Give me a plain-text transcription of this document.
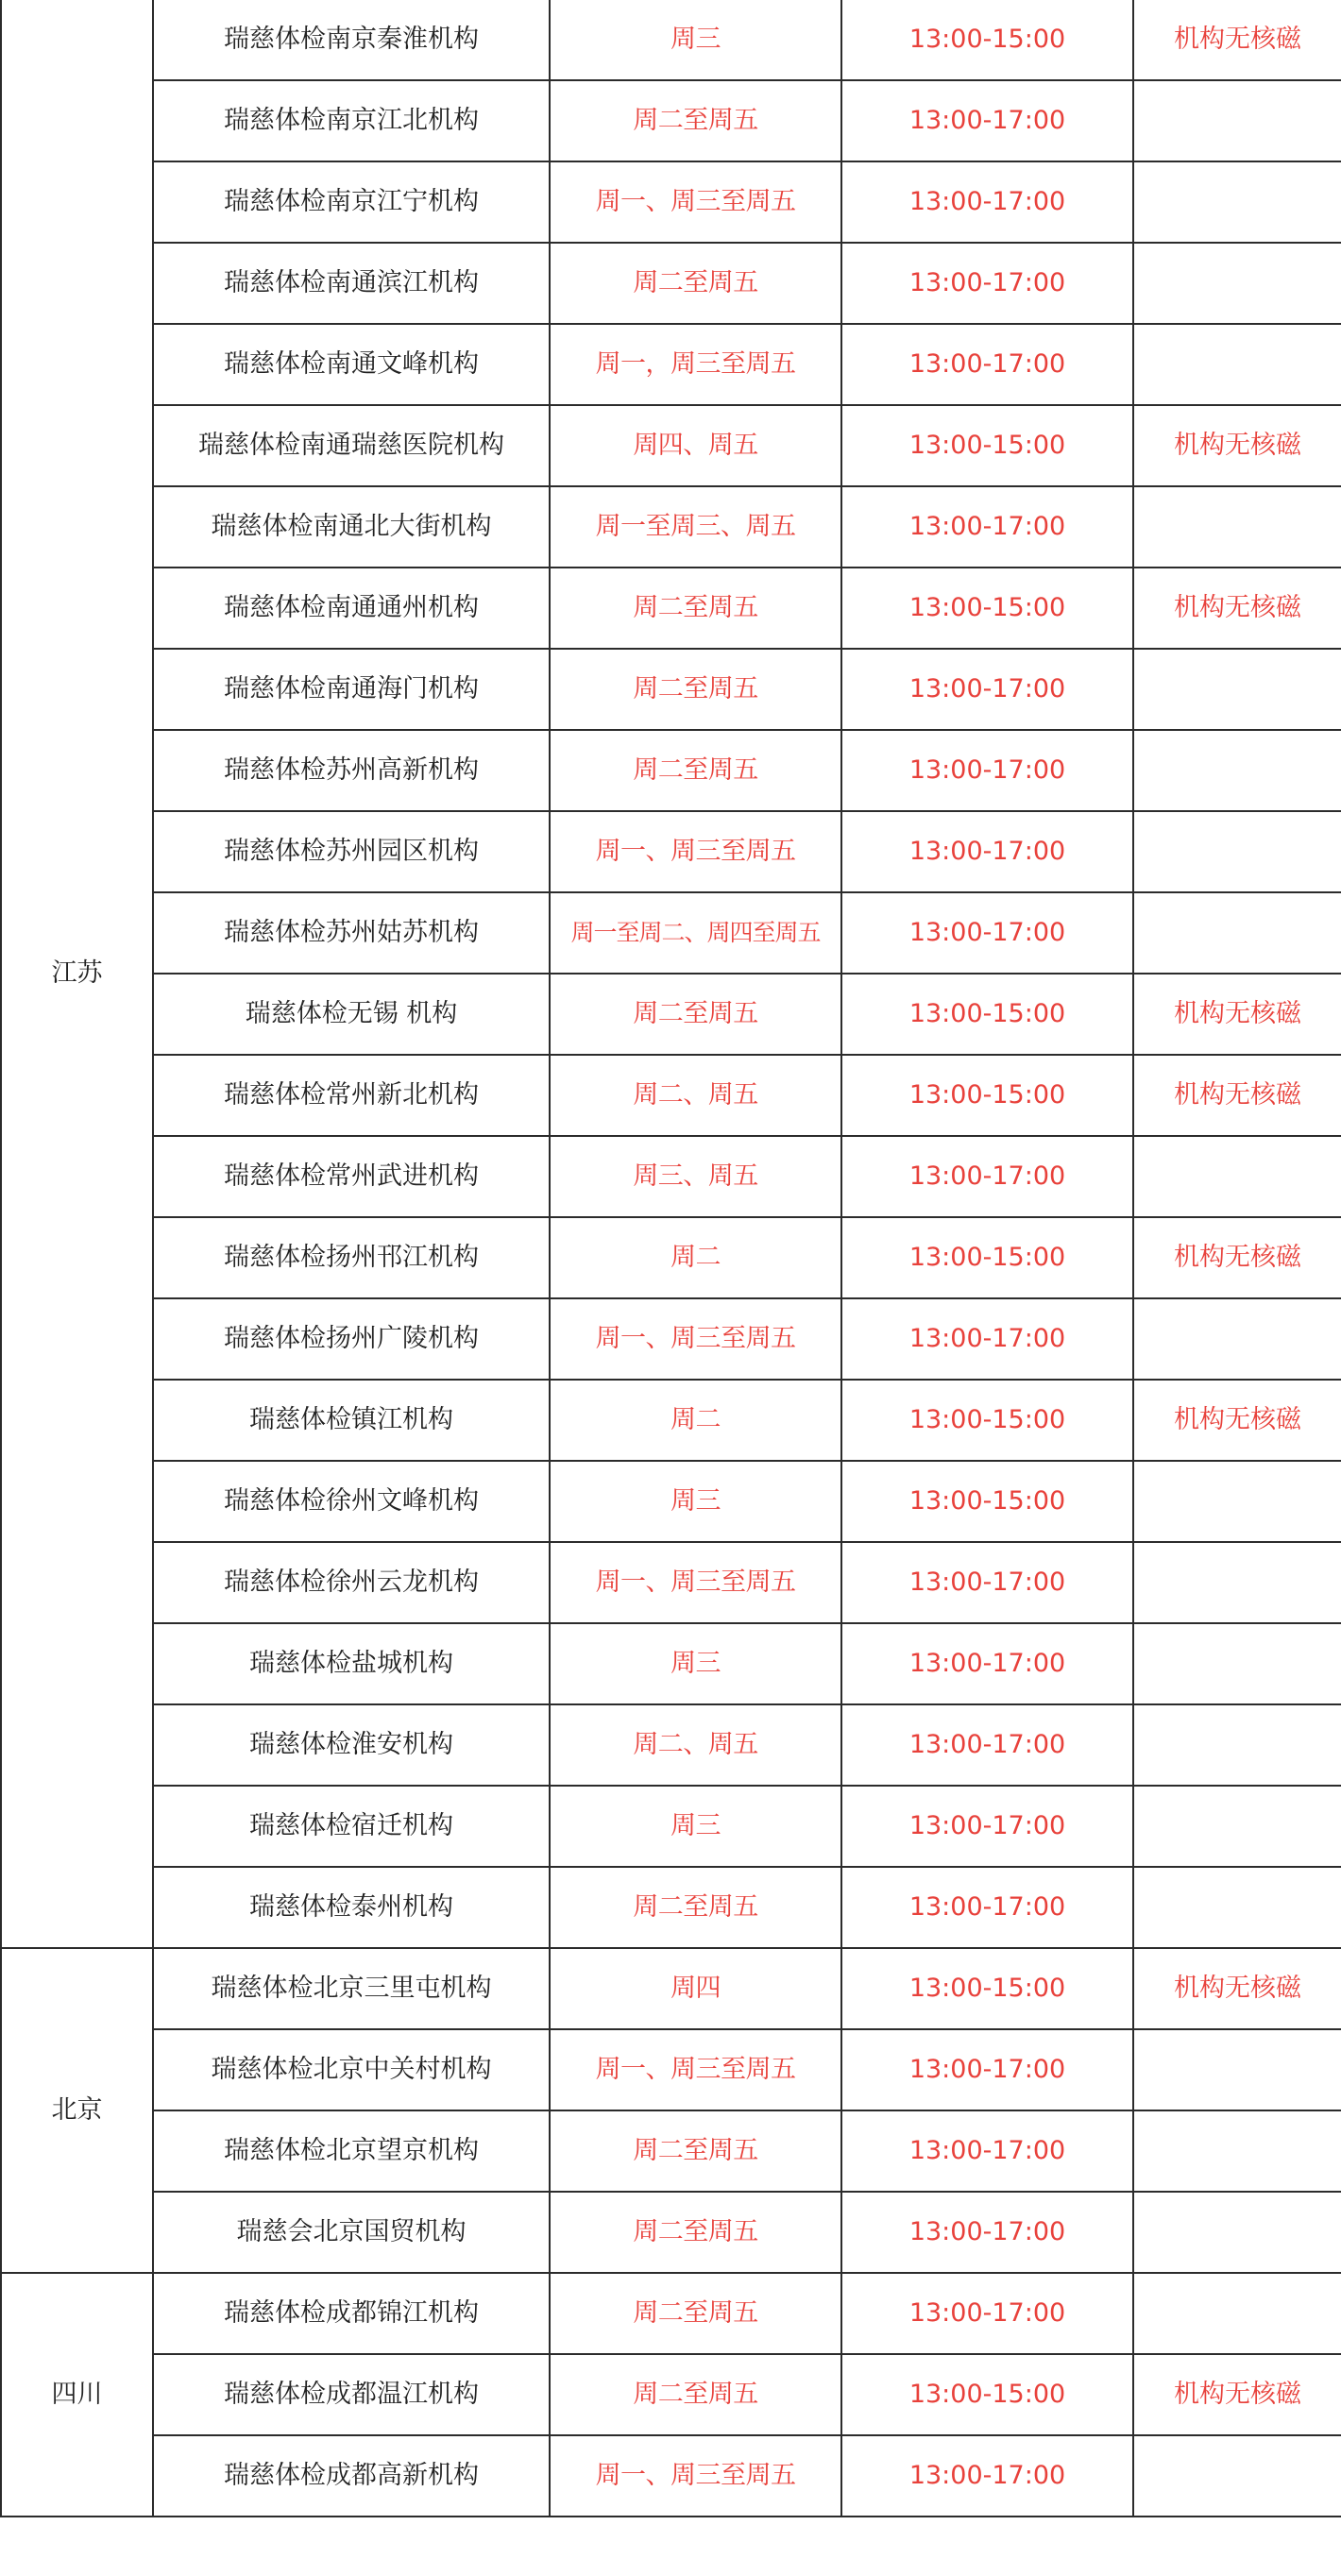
江苏	瑞慈体检南京秦淮机构	周三	13:00-15:00	机构无核磁
	瑞慈体检南京江北机构	周二至周五	13:00-17:00	
	瑞慈体检南京江宁机构	周一、周三至周五	13:00-17:00	
	瑞慈体检南通滨江机构	周二至周五	13:00-17:00	
	瑞慈体检南通文峰机构	周一，周三至周五	13:00-17:00	
	瑞慈体检南通瑞慈医院机构	周四、周五	13:00-15:00	机构无核磁
	瑞慈体检南通北大街机构	周一至周三、周五	13:00-17:00	
	瑞慈体检南通通州机构	周二至周五	13:00-15:00	机构无核磁
	瑞慈体检南通海门机构	周二至周五	13:00-17:00	
	瑞慈体检苏州高新机构	周二至周五	13:00-17:00	
	瑞慈体检苏州园区机构	周一、周三至周五	13:00-17:00	
	瑞慈体检苏州姑苏机构	周一至周二、周四至周五	13:00-17:00	
	瑞慈体检无锡 机构	周二至周五	13:00-15:00	机构无核磁
	瑞慈体检常州新北机构	周二、周五	13:00-15:00	机构无核磁
	瑞慈体检常州武进机构	周三、周五	13:00-17:00	
	瑞慈体检扬州邗江机构	周二	13:00-15:00	机构无核磁
	瑞慈体检扬州广陵机构	周一、周三至周五	13:00-17:00	
	瑞慈体检镇江机构	周二	13:00-15:00	机构无核磁
	瑞慈体检徐州文峰机构	周三	13:00-15:00	
	瑞慈体检徐州云龙机构	周一、周三至周五	13:00-17:00	
	瑞慈体检盐城机构	周三	13:00-17:00	
	瑞慈体检淮安机构	周二、周五	13:00-17:00	
	瑞慈体检宿迁机构	周三	13:00-17:00	
	瑞慈体检泰州机构	周二至周五	13:00-17:00	
北京	瑞慈体检北京三里屯机构	周四	13:00-15:00	机构无核磁
	瑞慈体检北京中关村机构	周一、周三至周五	13:00-17:00	
	瑞慈体检北京望京机构	周二至周五	13:00-17:00	
	瑞慈会北京国贸机构	周二至周五	13:00-17:00	
四川	瑞慈体检成都锦江机构	周二至周五	13:00-17:00	
	瑞慈体检成都温江机构	周二至周五	13:00-15:00	机构无核磁
	瑞慈体检成都高新机构	周一、周三至周五	13:00-17:00	
